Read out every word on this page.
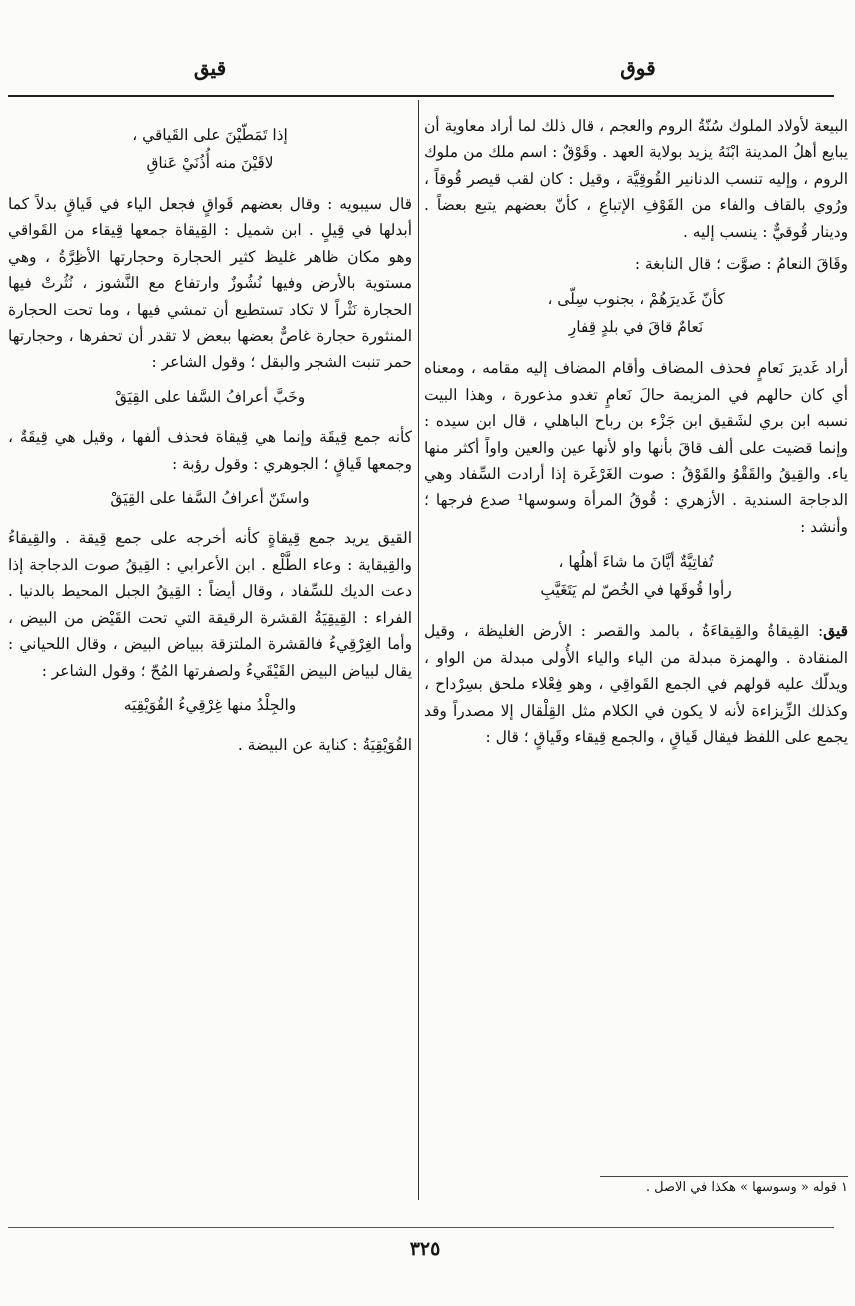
قوق
قيق

البيعة لأولاد الملوك سُنّةُ الروم والعجم ، قال ذلك لما أراد معاوية أن يبايع أهلُ المدينة ابْنَهُ يزيد بولاية العهد . وقَوْقٌ : اسم ملك من ملوك الروم ، وإليه تنسب الدنانير القُوقِيَّة ، وقيل : كان لقب قيصر قُوقاً ، ورُوي بالقاف والفاء من القَوْفِ الإتباعِ ، كأنّ بعضهم يتبع بعضاً . ودينار قُوقيٌّ : ينسب إليه .

وقَاقَ النعامُ : صوَّت ؛ قال النابغة :

كأنّ غَديرَهُمْ ، بجنوب سِلّى ،
نَعامٌ قاقَ في بلدٍ قِفارِ

أراد غَديرَ نَعامٍ فحذف المضاف وأقام المضاف إليه مقامه ، ومعناه أي كان حالهم في المزيمة حالَ نَعامٍ تغدو مذعورة ، وهذا البيت نسبه ابن بري لشَقيق ابن جَزْء بن رباح الباهلي ، قال ابن سيده : وإنما قضيت على ألف قاقَ بأنها واو لأنها عين والعين واواً أكثر منها ياء. والقِيقُ والقَقْوُ والقَوْقُ : صوت الغَرْغَرة إذا أرادت السِّفاد وهي الدجاجة السندية . الأزهري : قُوقُ المرأة وسوسها¹ صدع فرجها ؛ وأنشد :

تُفاتِيَّةٌ أيَّانَ ما شاءَ أهلُها ،
رأوا قُوقَها في الخُصّ لم يَتَغَيَّبِ

قيق: القِيقاةُ والقِيقاءَةُ ، بالمد والقصر : الأرض الغليظة ، وقيل المنقادة . والهمزة مبدلة من الياء والياء الأُولى مبدلة من الواو ، ويدلّك عليه قولهم في الجمع القَواقِي ، وهو فِعْلاء ملحق بسِرْداح ، وكذلك الزِّيزاءة لأنه لا يكون في الكلام مثل القِلْقال إلا مصدراً وقد يجمع على اللفظ فيقال قَياقٍ ، والجمع قِيقاء وقَياقٍ ؛ قال :

إذا تَمَطّيْنَ على القَياقي ،
لاقَيْنَ منه أُذُنَيْ عَناقِ

قال سيبويه : وقال بعضهم قَواقٍ فجعل الياء في قَياقٍ بدلاً كما أبدلها في قِيلٍ . ابن شميل : القِيقاة جمعها قِيقاء من القَواقي وهو مكان ظاهر غليظ كثير الحجارة وحجارتها الأظِرَّةُ ، وهي مستوية بالأرض وفيها نُشُوزٌ وارتفاع مع النَّشوز ، نُثُرتْ فيها الحجارة نَثْراً لا تكاد تستطيع أن تمشي فيها ، وما تحت الحجارة المنثورة حجارة غاصٌّ بعضها ببعض لا تقدر أن تحفرها ، وحجارتها حمر تنبت الشجر والبقل ؛ وقول الشاعر :

وخَبَّ أعرافُ السَّفا على القِيَقْ

كأنه جمع قِيقَة وإنما هي قِيقاة فحذف ألفها ، وقيل هي قِيقَةٌ ، وجمعها قَياقٍ ؛ الجوهري : وقول رؤبة :

واستَنّ أعرافُ السَّفا على القِيَقْ

القيق يريد جمع قِيقاةٍ كأنه أخرجه على جمع قِيقة . والقِيقاءُ والقِيقاية : وعاء الطَّلْع . ابن الأعرابي : القِيقُ صوت الدجاجة إذا دعت الديك للسِّفاد ، وقال أيضاً : القِيقُ الجبل المحيط بالدنيا . الفراء : القِيقِيَةُ القشرة الرقيقة التي تحت القَيْض من البيض ، وأما الغِرْقِيءُ فالقشرة الملتزقة ببياض البيض ، وقال اللحياني : يقال لبياض البيض القَيْقَيءُ ولصفرتها المُحّ ؛ وقول الشاعر :

والجِلْدُ منها غِرْقِيءُ القُوَيْقِيَه

القُوَيْقِيَةُ : كناية عن البيضة .

١ قوله « وسوسها » هكذا في الاصل .
٣٢٥
